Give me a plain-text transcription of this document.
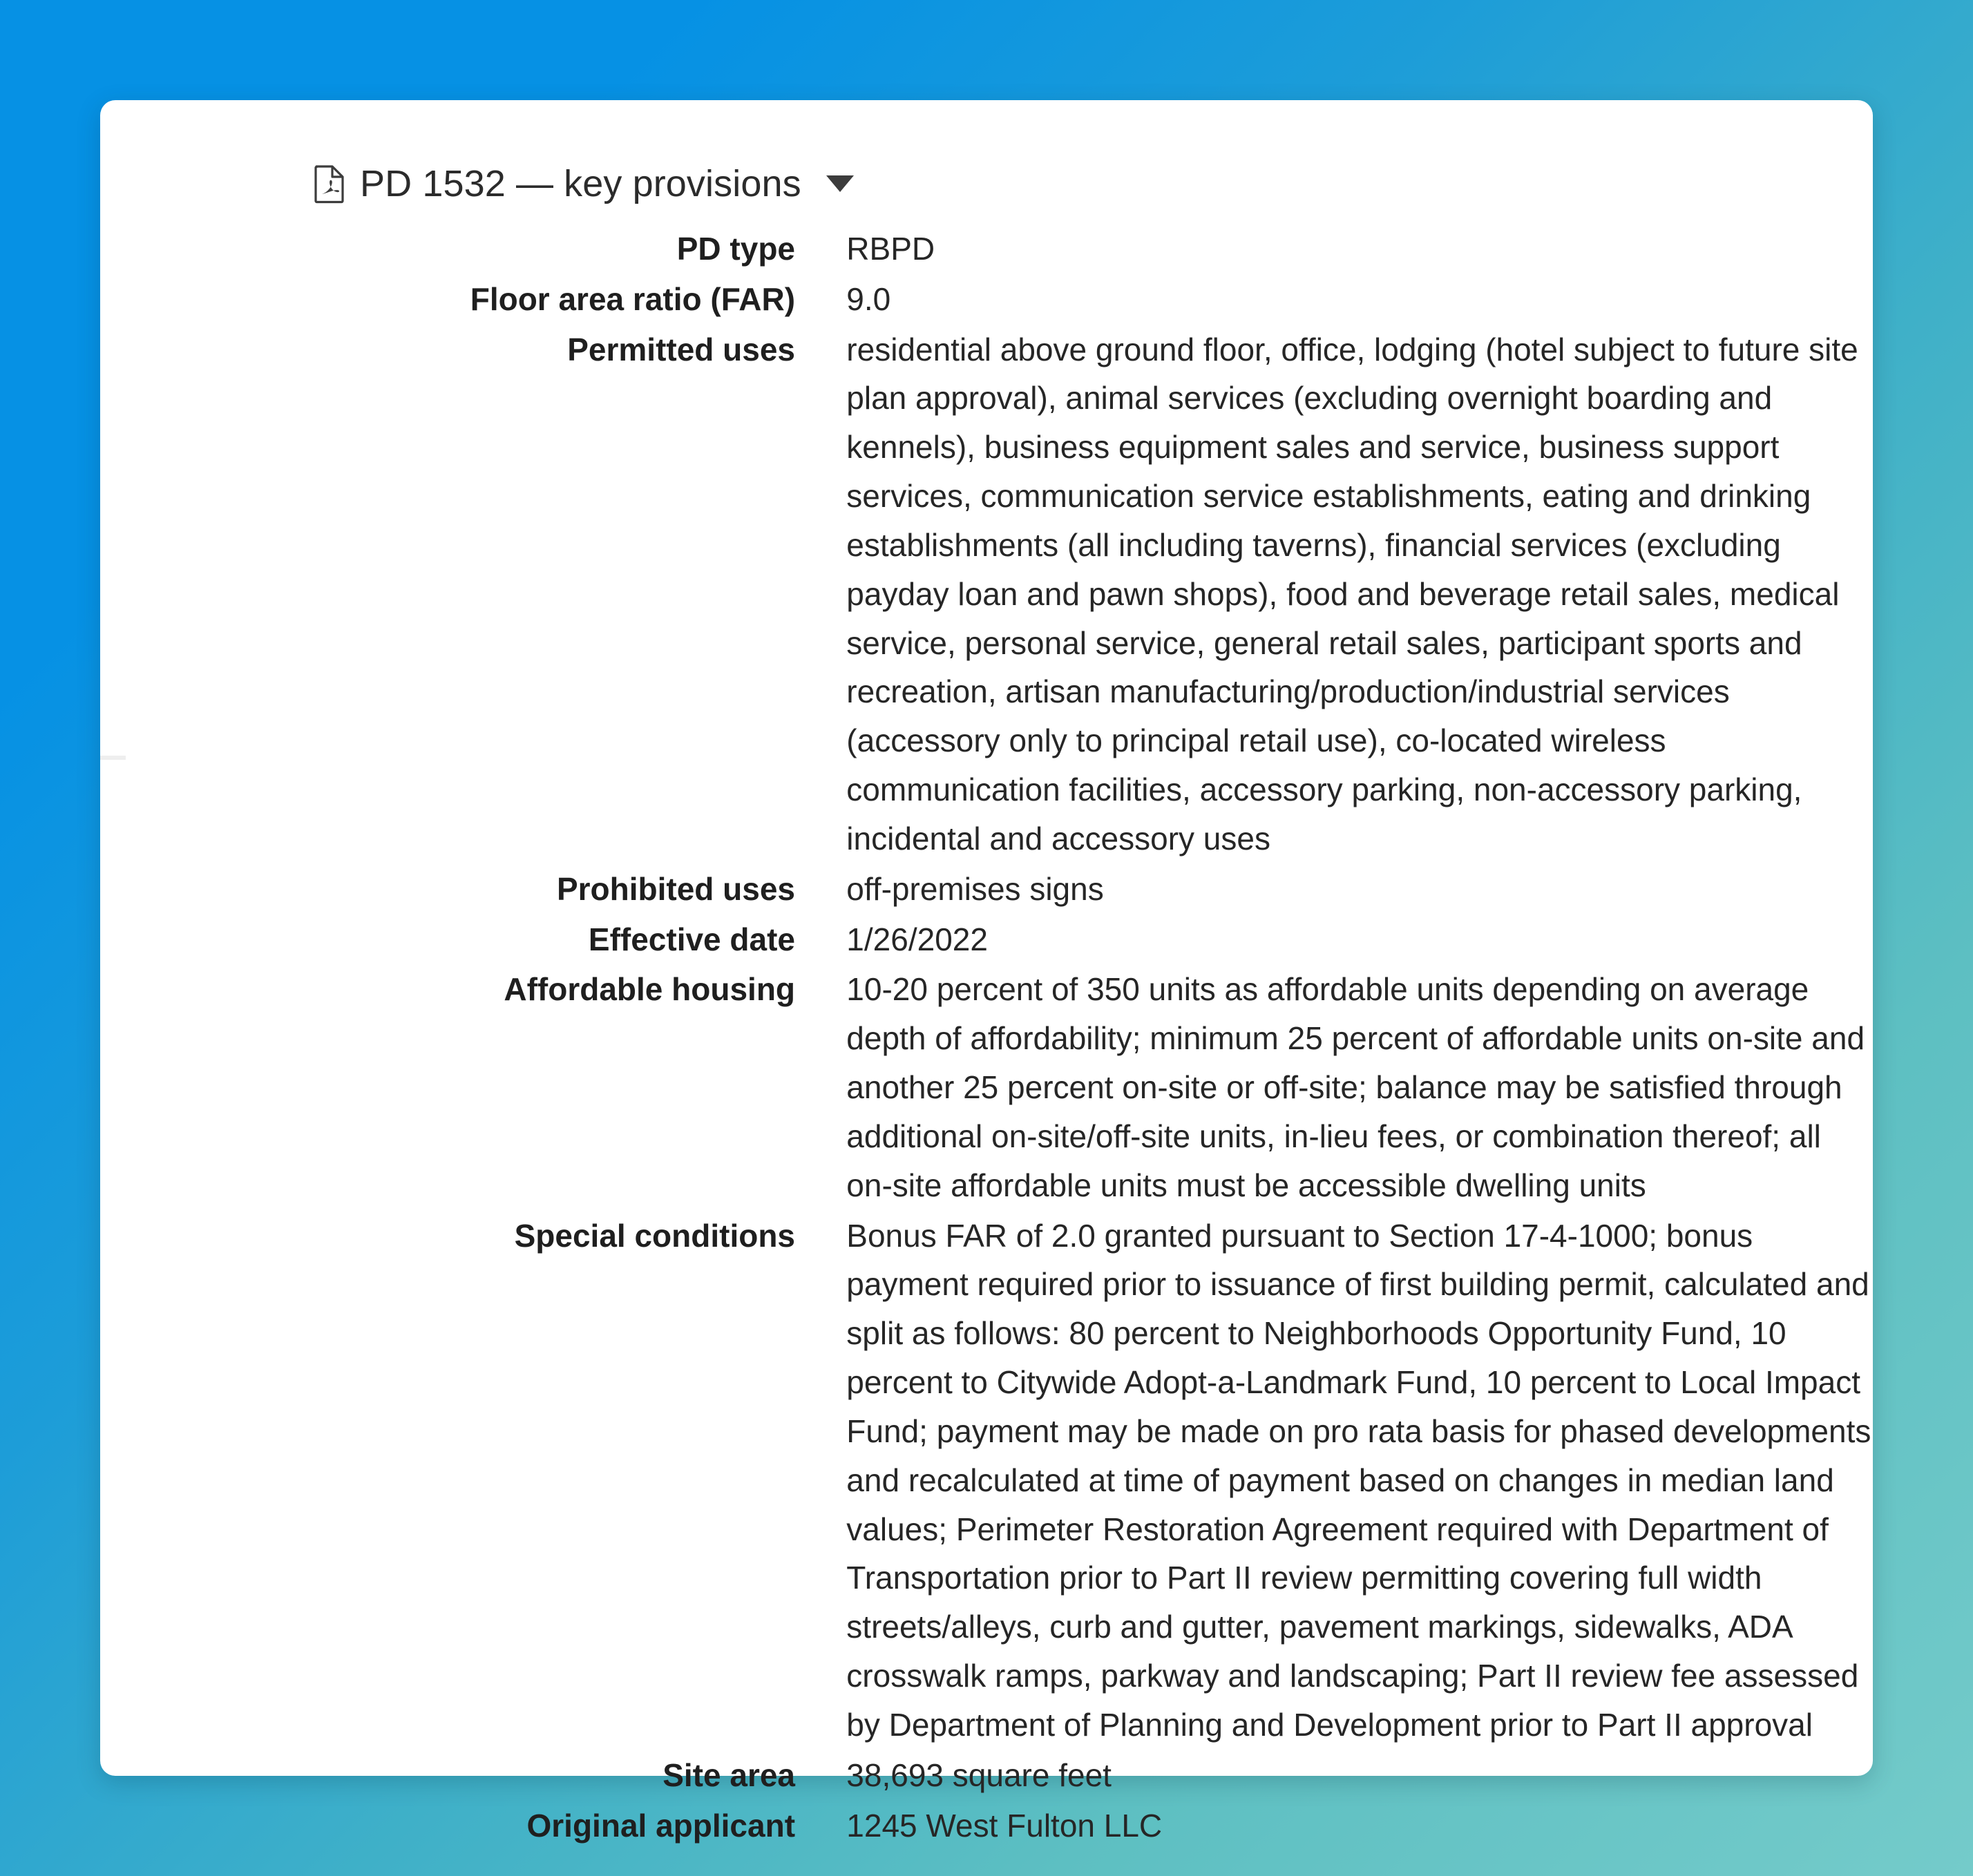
PD 1532 — key provisions
PD type		RBPD
Floor area ratio (FAR)		9.0
Permitted uses		residential above ground floor, office, lodging (hotel subject to future site plan approval), animal services (excluding overnight boarding and kennels), business equipment sales and service, business support services, communication service establishments, eating and drinking establishments (all including taverns), financial services (excluding payday loan and pawn shops), food and beverage retail sales, medical service, personal service, general retail sales, participant sports and recreation, artisan manufacturing/production/industrial services (accessory only to principal retail use), co-located wireless communication facilities, accessory parking, non-accessory parking, incidental and accessory uses
Prohibited uses		off-premises signs
Effective date		1/26/2022
Affordable housing		10-20 percent of 350 units as affordable units depending on average depth of affordability; minimum 25 percent of affordable units on-site and another 25 percent on-site or off-site; balance may be satisfied through additional on-site/off-site units, in-lieu fees, or combination thereof; all on-site affordable units must be accessible dwelling units
Special conditions		Bonus FAR of 2.0 granted pursuant to Section 17-4-1000; bonus payment required prior to issuance of first building permit, calculated and split as follows: 80 percent to Neighborhoods Opportunity Fund, 10 percent to Citywide Adopt-a-Landmark Fund, 10 percent to Local Impact Fund; payment may be made on pro rata basis for phased developments and recalculated at time of payment based on changes in median land values; Perimeter Restoration Agreement required with Department of Transportation prior to Part II review permitting covering full width streets/alleys, curb and gutter, pavement markings, sidewalks, ADA crosswalk ramps, parkway and landscaping; Part II review fee assessed by Department of Planning and Development prior to Part II approval
Site area		38,693 square feet
Original applicant		1245 West Fulton LLC
